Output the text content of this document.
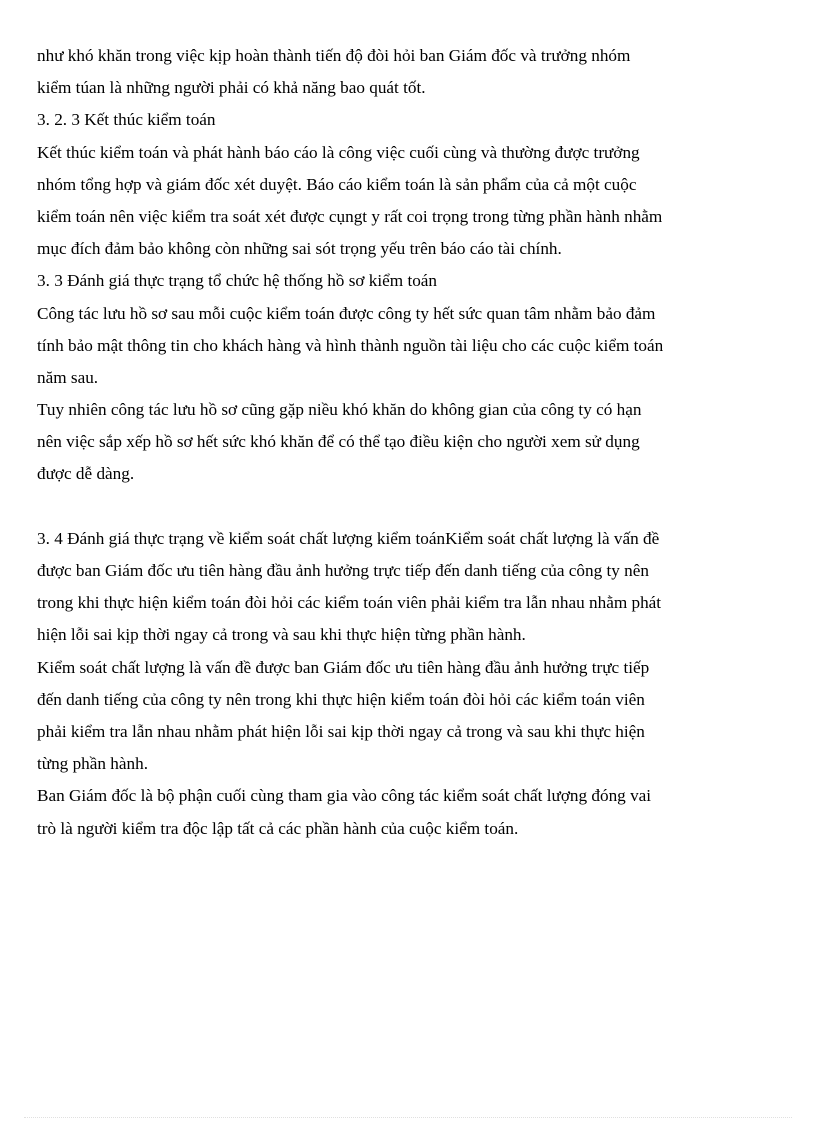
như khó khăn trong việc kịp hoàn thành tiến độ đòi hỏi ban Giám đốc và trưởng nhóm
kiểm túan là những người phải có khả năng bao quát tốt.
3. 2. 3 Kết thúc kiểm toán
Kết thúc kiểm toán và phát hành báo cáo là công việc cuối cùng và thường được trưởng
nhóm tổng hợp và giám đốc xét duyệt. Báo cáo kiểm toán là sản phẩm của cả một cuộc
kiểm toán nên việc kiểm tra soát xét được cụngt y rất coi trọng trong từng phần hành nhằm
mục đích đảm bảo không còn những sai sót trọng yếu trên báo cáo tài chính.
3. 3 Đánh giá thực trạng tổ chức hệ thống hồ sơ kiểm toán
Công tác lưu hồ sơ sau mỗi cuộc kiểm toán được công ty hết sức quan tâm nhằm bảo đảm
tính bảo mật thông tin cho khách hàng và hình thành nguồn tài liệu cho các cuộc kiểm toán
năm sau.
Tuy nhiên công tác lưu hồ sơ cũng gặp niều khó khăn do không gian của công ty có hạn
nên việc sắp xếp hồ sơ hết sức khó khăn để có thể tạo điều kiện cho người xem sử dụng
được dễ dàng.
3. 4 Đánh giá thực trạng về kiểm soát chất lượng kiểm toánKiểm soát chất lượng là vấn đề
được ban Giám đốc ưu tiên hàng đầu ảnh hưởng trực tiếp đến danh tiếng của công ty nên
trong khi thực hiện kiểm toán đòi hỏi các kiểm toán viên phải kiểm tra lẫn nhau nhằm phát
hiện lỗi sai kịp thời ngay cả trong và sau khi thực hiện từng phần hành.
Kiểm soát chất lượng là vấn đề được ban Giám đốc ưu tiên hàng đầu ảnh hưởng trực tiếp
đến danh tiếng của công ty nên trong khi thực hiện kiểm toán đòi hỏi các kiểm toán viên
phải kiểm tra lẫn nhau nhằm phát hiện lỗi sai kịp thời ngay cả trong và sau khi thực hiện
từng phần hành.
Ban Giám đốc là bộ phận cuối cùng tham gia vào công tác kiểm soát chất lượng đóng vai
trò là người kiểm tra độc lập tất cả các phần hành của cuộc kiểm toán.
